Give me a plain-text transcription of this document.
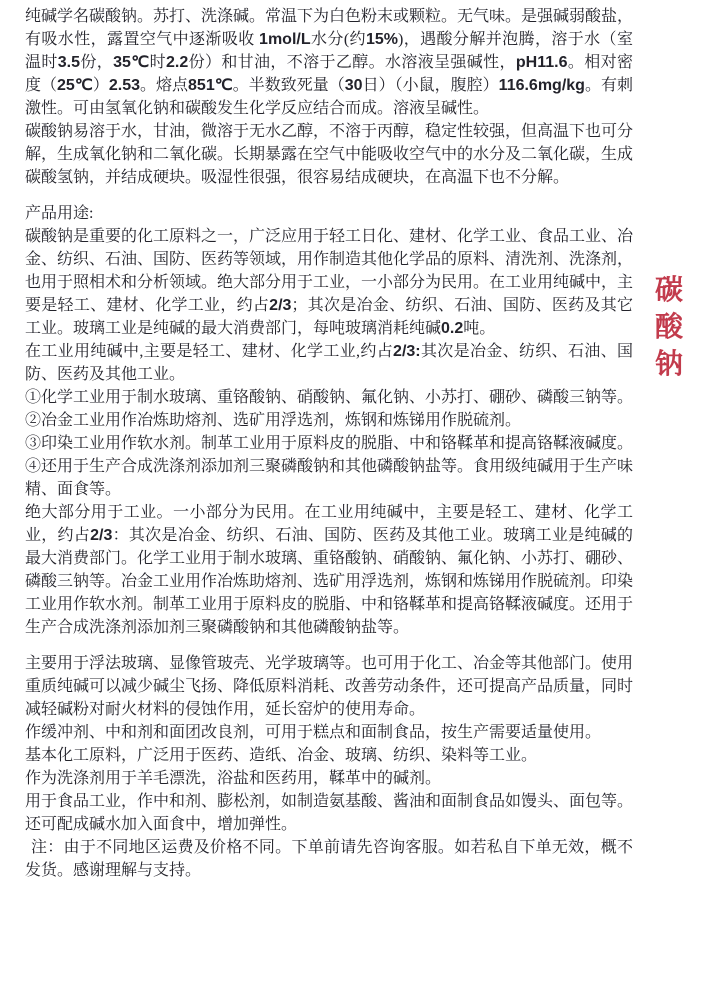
纯碱学名碳酸钠。苏打、洗涤碱。常温下为白色粉末或颗粒。无气味。是强碱弱酸盐，有吸水性，露置空气中逐渐吸收 1mol/L水分(约15%)，遇酸分解并泡腾，溶于水（室温时3.5份，35℃时2.2份）和甘油，不溶于乙醇。水溶液呈强碱性，pH11.6。相对密度（25℃）2.53。熔点851℃。半数致死量（30日）（小鼠，腹腔）116.6mg/kg。有刺激性。可由氢氧化钠和碳酸发生化学反应结合而成。溶液呈碱性。

碳酸钠易溶于水，甘油，微溶于无水乙醇，不溶于丙醇，稳定性较强，但高温下也可分解，生成氧化钠和二氧化碳。长期暴露在空气中能吸收空气中的水分及二氧化碳，生成碳酸氢钠，并结成硬块。吸湿性很强，很容易结成硬块，在高温下也不分解。

产品用途:

碳酸钠是重要的化工原料之一，广泛应用于轻工日化、建材、化学工业、食品工业、冶金、纺织、石油、国防、医药等领域，用作制造其他化学品的原料、清洗剂、洗涤剂，也用于照相术和分析领域。绝大部分用于工业，一小部分为民用。在工业用纯碱中，主要是轻工、建材、化学工业，约占2/3；其次是冶金、纺织、石油、国防、医药及其它工业。玻璃工业是纯碱的最大消费部门，每吨玻璃消耗纯碱0.2吨。

在工业用纯碱中,主要是轻工、建材、化学工业,约占2/3:其次是冶金、纺织、石油、国防、医药及其他工业。

①化学工业用于制水玻璃、重铬酸钠、硝酸钠、氟化钠、小苏打、硼砂、磷酸三钠等。

②冶金工业用作冶炼助熔剂、选矿用浮选剂，炼钢和炼锑用作脱硫剂。

③印染工业用作软水剂。制革工业用于原料皮的脱脂、中和铬鞣革和提高铬鞣液碱度。

④还用于生产合成洗涤剂添加剂三聚磷酸钠和其他磷酸钠盐等。食用级纯碱用于生产味精、面食等。

绝大部分用于工业。一小部分为民用。在工业用纯碱中，主要是轻工、建材、化学工业，约占2/3：其次是冶金、纺织、石油、国防、医药及其他工业。玻璃工业是纯碱的最大消费部门。化学工业用于制水玻璃、重铬酸钠、硝酸钠、氟化钠、小苏打、硼砂、磷酸三钠等。冶金工业用作冶炼助熔剂、选矿用浮选剂，炼钢和炼锑用作脱硫剂。印染工业用作软水剂。制革工业用于原料皮的脱脂、中和铬鞣革和提高铬鞣液碱度。还用于生产合成洗涤剂添加剂三聚磷酸钠和其他磷酸钠盐等。

主要用于浮法玻璃、显像管玻壳、光学玻璃等。也可用于化工、冶金等其他部门。使用重质纯碱可以减少碱尘飞扬、降低原料消耗、改善劳动条件，还可提高产品质量，同时减轻碱粉对耐火材料的侵蚀作用，延长窑炉的使用寿命。

作缓冲剂、中和剂和面团改良剂，可用于糕点和面制食品，按生产需要适量使用。

基本化工原料，广泛用于医药、造纸、冶金、玻璃、纺织、染料等工业。

作为洗涤剂用于羊毛漂洗，浴盐和医药用，鞣革中的碱剂。

用于食品工业，作中和剂、膨松剂，如制造氨基酸、酱油和面制食品如馒头、面包等。还可配成碱水加入面食中，增加弹性。

注：由于不同地区运费及价格不同。下单前请先咨询客服。如若私自下单无效，概不发货。感谢理解与支持。

碳
酸
钠
